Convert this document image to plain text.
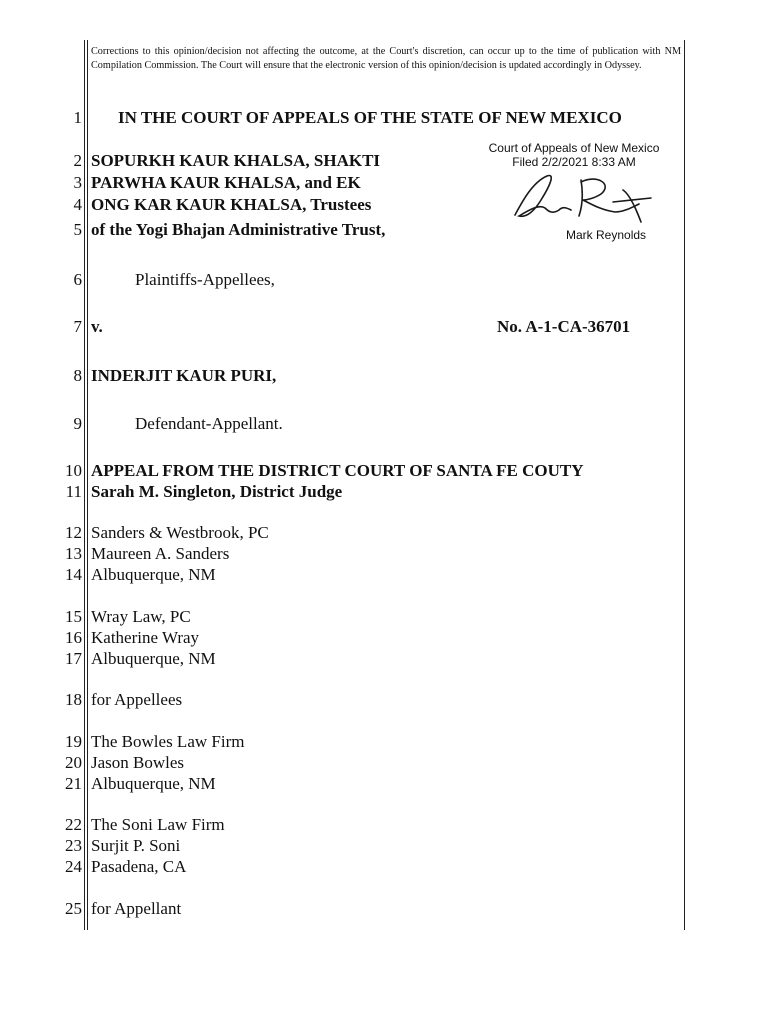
Corrections to this opinion/decision not affecting the outcome, at the Court's discretion, can occur up to the time of publication with NM Compilation Commission. The Court will ensure that the electronic version of this opinion/decision is updated accordingly in Odyssey.
1 IN THE COURT OF APPEALS OF THE STATE OF NEW MEXICO
Court of Appeals of New Mexico
Filed 2/2/2021 8:33 AM
Mark Reynolds
2 SOPURKH KAUR KHALSA, SHAKTI
3 PARWHA KAUR KHALSA, and EK
4 ONG KAR KAUR KHALSA, Trustees
5 of the Yogi Bhajan Administrative Trust,
6	Plaintiffs-Appellees,
7 v.	No. A-1-CA-36701
8 INDERJIT KAUR PURI,
9	Defendant-Appellant.
10 APPEAL FROM THE DISTRICT COURT OF SANTA FE COUTY
11 Sarah M. Singleton, District Judge
12 Sanders & Westbrook, PC
13 Maureen A. Sanders
14 Albuquerque, NM
15 Wray Law, PC
16 Katherine Wray
17 Albuquerque, NM
18 for Appellees
19 The Bowles Law Firm
20 Jason Bowles
21 Albuquerque, NM
22 The Soni Law Firm
23 Surjit P. Soni
24 Pasadena, CA
25 for Appellant
